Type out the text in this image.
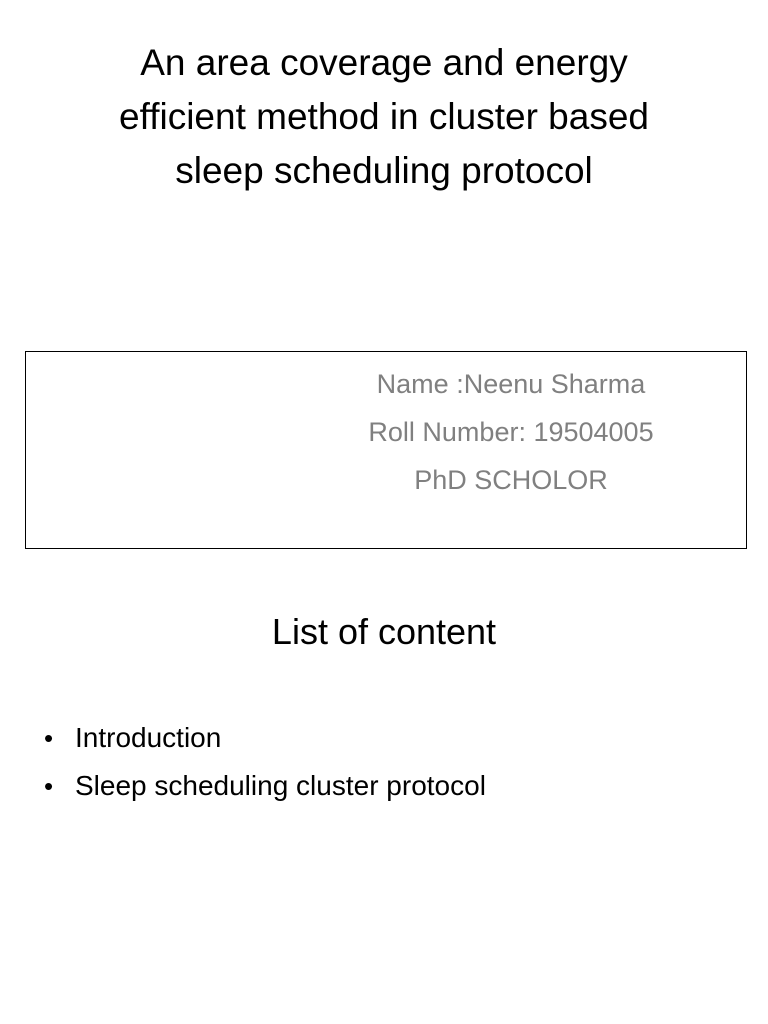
An area coverage and energy
efficient method in cluster based
sleep scheduling protocol
Name :Neenu Sharma
Roll Number: 19504005
PhD SCHOLOR
List of content
• Introduction
• Sleep scheduling cluster protocol
